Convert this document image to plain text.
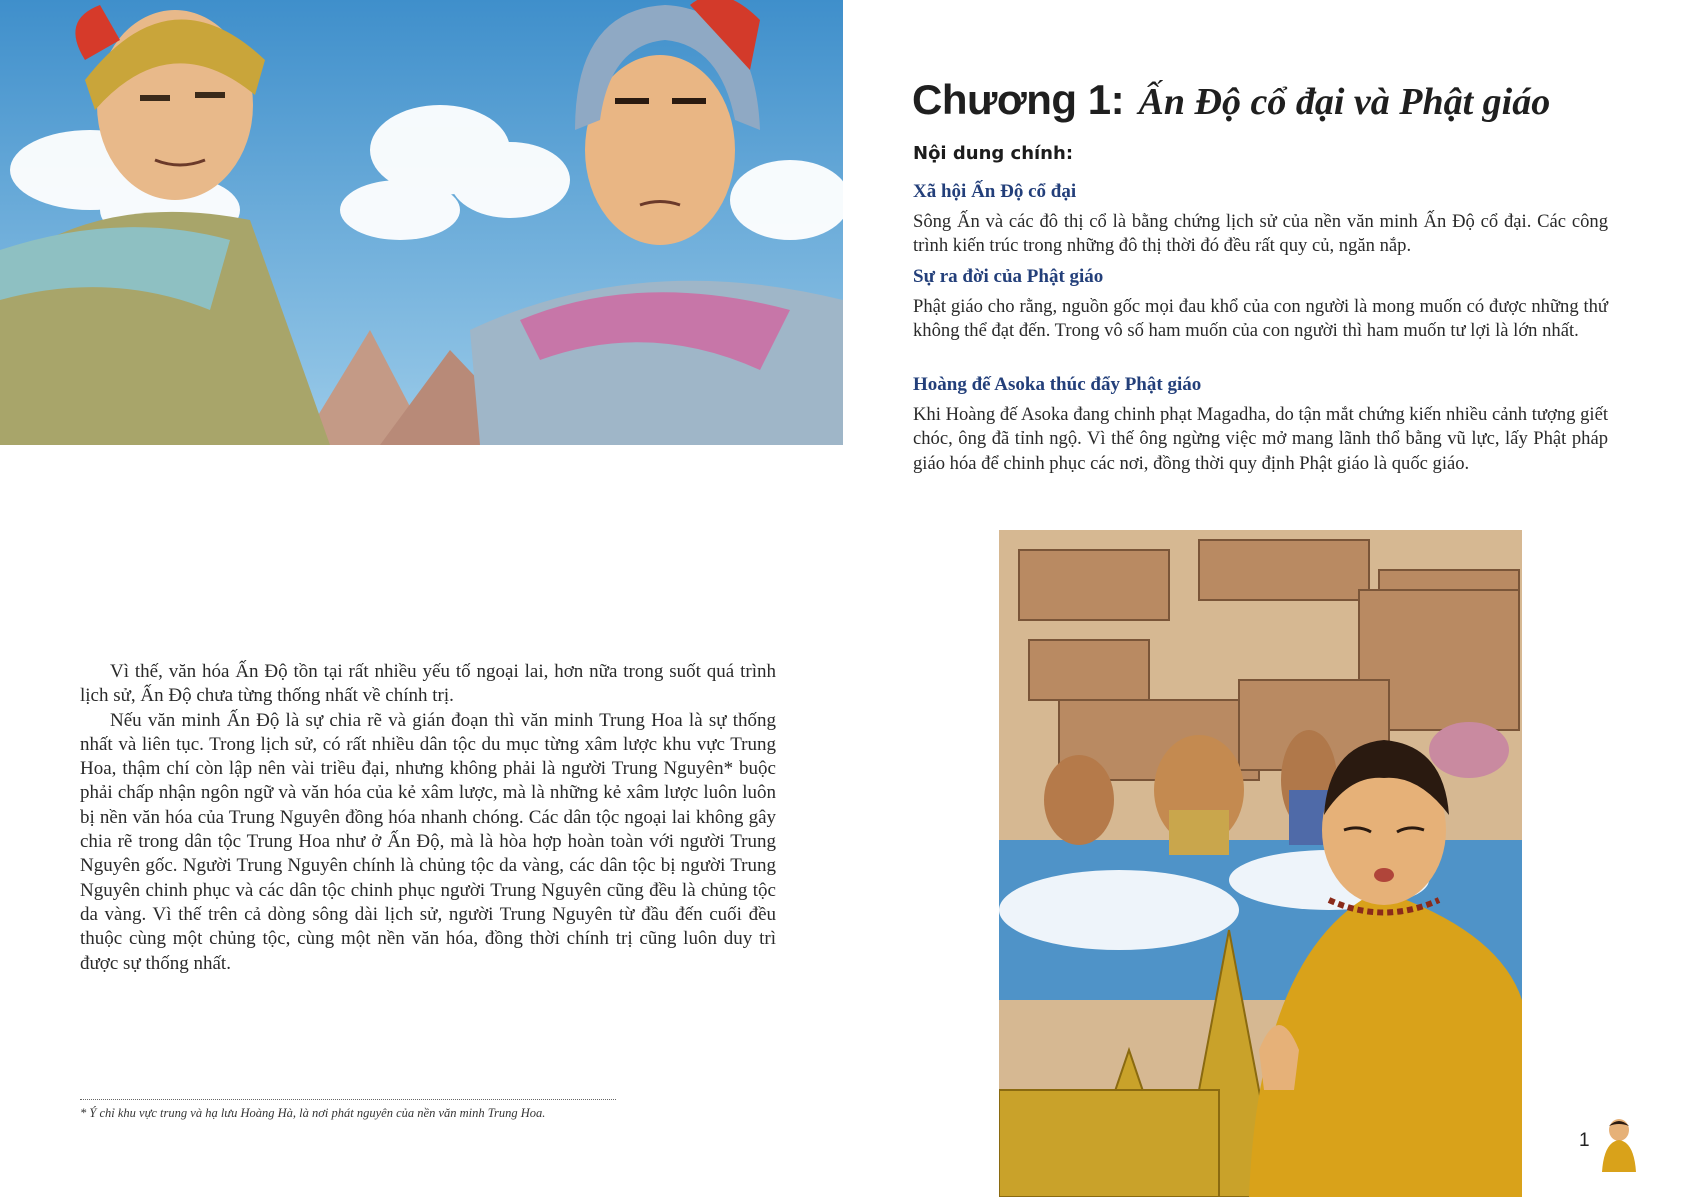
Vì thế, văn hóa Ấn Độ tồn tại rất nhiều yếu tố ngoại lai, hơn nữa trong suốt quá trình lịch sử, Ấn Độ chưa từng thống nhất về chính trị.

Nếu văn minh Ấn Độ là sự chia rẽ và gián đoạn thì văn minh Trung Hoa là sự thống nhất và liên tục. Trong lịch sử, có rất nhiều dân tộc du mục từng xâm lược khu vực Trung Hoa, thậm chí còn lập nên vài triều đại, nhưng không phải là người Trung Nguyên* buộc phải chấp nhận ngôn ngữ và văn hóa của kẻ xâm lược, mà là những kẻ xâm lược luôn luôn bị nền văn hóa của Trung Nguyên đồng hóa nhanh chóng. Các dân tộc ngoại lai không gây chia rẽ trong dân tộc Trung Hoa như ở Ấn Độ, mà là hòa hợp hoàn toàn với người Trung Nguyên gốc. Người Trung Nguyên chính là chủng tộc da vàng, các dân tộc bị người Trung Nguyên chinh phục và các dân tộc chinh phục người Trung Nguyên cũng đều là chủng tộc da vàng. Vì thế trên cả dòng sông dài lịch sử, người Trung Nguyên từ đầu đến cuối đều thuộc cùng một chủng tộc, cùng một nền văn hóa, đồng thời chính trị cũng luôn duy trì được sự thống nhất.

* Ý chỉ khu vực trung và hạ lưu Hoàng Hà, là nơi phát nguyên của nền văn minh Trung Hoa.
Chương 1: Ấn Độ cổ đại và Phật giáo
Nội dung chính:
Xã hội Ấn Độ cổ đại

Sông Ấn và các đô thị cổ là bằng chứng lịch sử của nền văn minh Ấn Độ cổ đại. Các công trình kiến trúc trong những đô thị thời đó đều rất quy củ, ngăn nắp.

Sự ra đời của Phật giáo

Phật giáo cho rằng, nguồn gốc mọi đau khổ của con người là mong muốn có được những thứ không thể đạt đến. Trong vô số ham muốn của con người thì ham muốn tư lợi là lớn nhất.

Hoàng đế Asoka thúc đẩy Phật giáo

Khi Hoàng đế Asoka đang chinh phạt Magadha, do tận mắt chứng kiến nhiều cảnh tượng giết chóc, ông đã tỉnh ngộ. Vì thế ông ngừng việc mở mang lãnh thổ bằng vũ lực, lấy Phật pháp giáo hóa để chinh phục các nơi, đồng thời quy định Phật giáo là quốc giáo.

1
